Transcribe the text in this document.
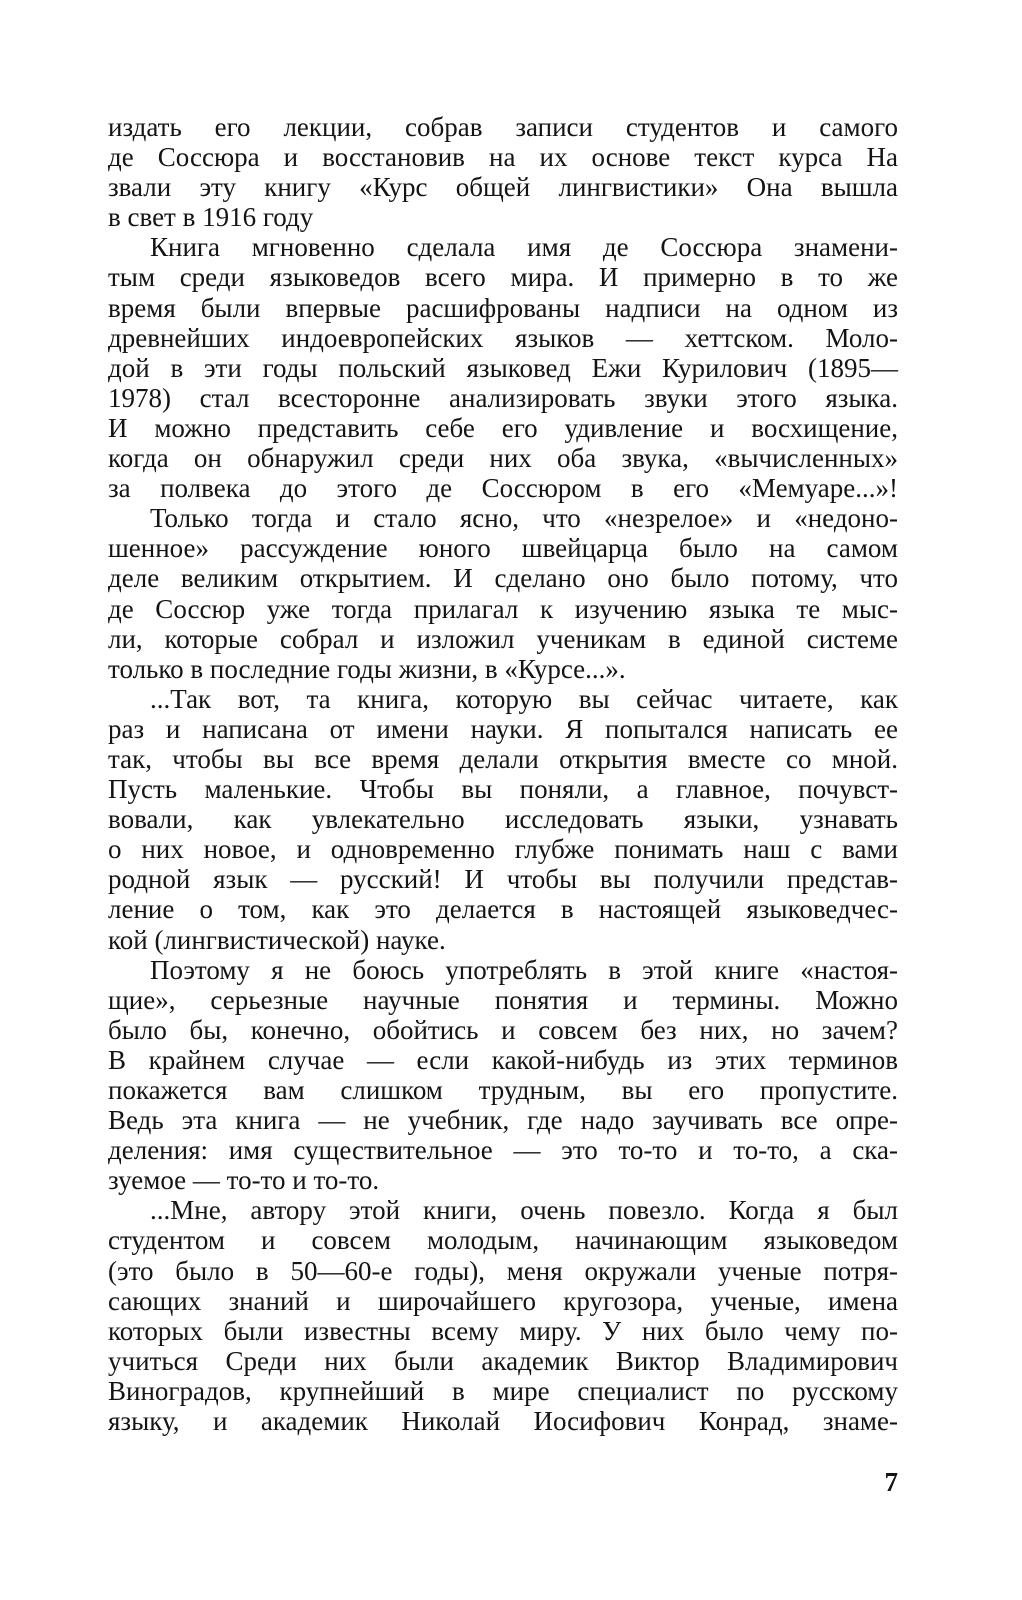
издать его лекции, собрав записи студентов и самого
де Соссюра и восстановив на их основе текст курса На
звали эту книгу «Курс общей лингвистики» Она вышла
в свет в 1916 году
Книга мгновенно сделала имя де Соссюра знамени-
тым среди языковедов всего мира. И примерно в то же
время были впервые расшифрованы надписи на одном из
древнейших индоевропейских языков — хеттском. Моло-
дой в эти годы польский языковед Ежи Курилович (1895—
1978) стал всесторонне анализировать звуки этого языка.
И можно представить себе его удивление и восхищение,
когда он обнаружил среди них оба звука, «вычисленных»
за полвека до этого де Соссюром в его «Мемуаре...»!
Только тогда и стало ясно, что «незрелое» и «недоно-
шенное» рассуждение юного швейцарца было на самом
деле великим открытием. И сделано оно было потому, что
де Соссюр уже тогда прилагал к изучению языка те мыс-
ли, которые собрал и изложил ученикам в единой системе
только в последние годы жизни, в «Курсе...».
...Так вот, та книга, которую вы сейчас читаете, как
раз и написана от имени науки. Я попытался написать ее
так, чтобы вы все время делали открытия вместе со мной.
Пусть маленькие. Чтобы вы поняли, а главное, почувст-
вовали, как увлекательно исследовать языки, узнавать
о них новое, и одновременно глубже понимать наш с вами
родной язык — русский! И чтобы вы получили представ-
ление о том, как это делается в настоящей языковедчес-
кой (лингвистической) науке.
Поэтому я не боюсь употреблять в этой книге «настоя-
щие», серьезные научные понятия и термины. Можно
было бы, конечно, обойтись и совсем без них, но зачем?
В крайнем случае — если какой-нибудь из этих терминов
покажется вам слишком трудным, вы его пропустите.
Ведь эта книга — не учебник, где надо заучивать все опре-
деления: имя существительное — это то-то и то-то, а ска-
зуемое — то-то и то-то.
...Мне, автору этой книги, очень повезло. Когда я был
студентом и совсем молодым, начинающим языковедом
(это было в 50—60-е годы), меня окружали ученые потря-
сающих знаний и широчайшего кругозора, ученые, имена
которых были известны всему миру. У них было чему по-
учиться Среди них были академик Виктор Владимирович
Виноградов, крупнейший в мире специалист по русскому
языку, и академик Николай Иосифович Конрад, знаме-
7
